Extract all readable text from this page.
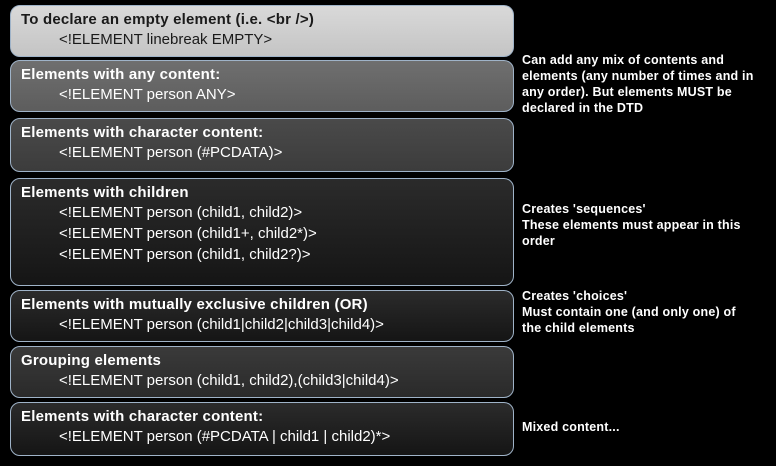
To declare an empty element (i.e. <br />)
<!ELEMENT linebreak EMPTY>
Elements with any content:
<!ELEMENT person ANY>
Elements with character content:
<!ELEMENT person (#PCDATA)>
Elements with children
<!ELEMENT person (child1, child2)>
<!ELEMENT person (child1+, child2*)>
<!ELEMENT person (child1, child2?)>
Elements with mutually exclusive children (OR)
<!ELEMENT person (child1|child2|child3|child4)>
Grouping elements
<!ELEMENT person (child1, child2),(child3|child4)>
Elements with character content:
<!ELEMENT person (#PCDATA | child1 | child2)*>
Can add any mix of contents and
elements (any number of times and in
any order). But elements MUST be
declared in the DTD
Creates 'sequences'
These elements must appear in this
order
Creates 'choices'
Must contain one (and only one) of
the child elements
Mixed content...
